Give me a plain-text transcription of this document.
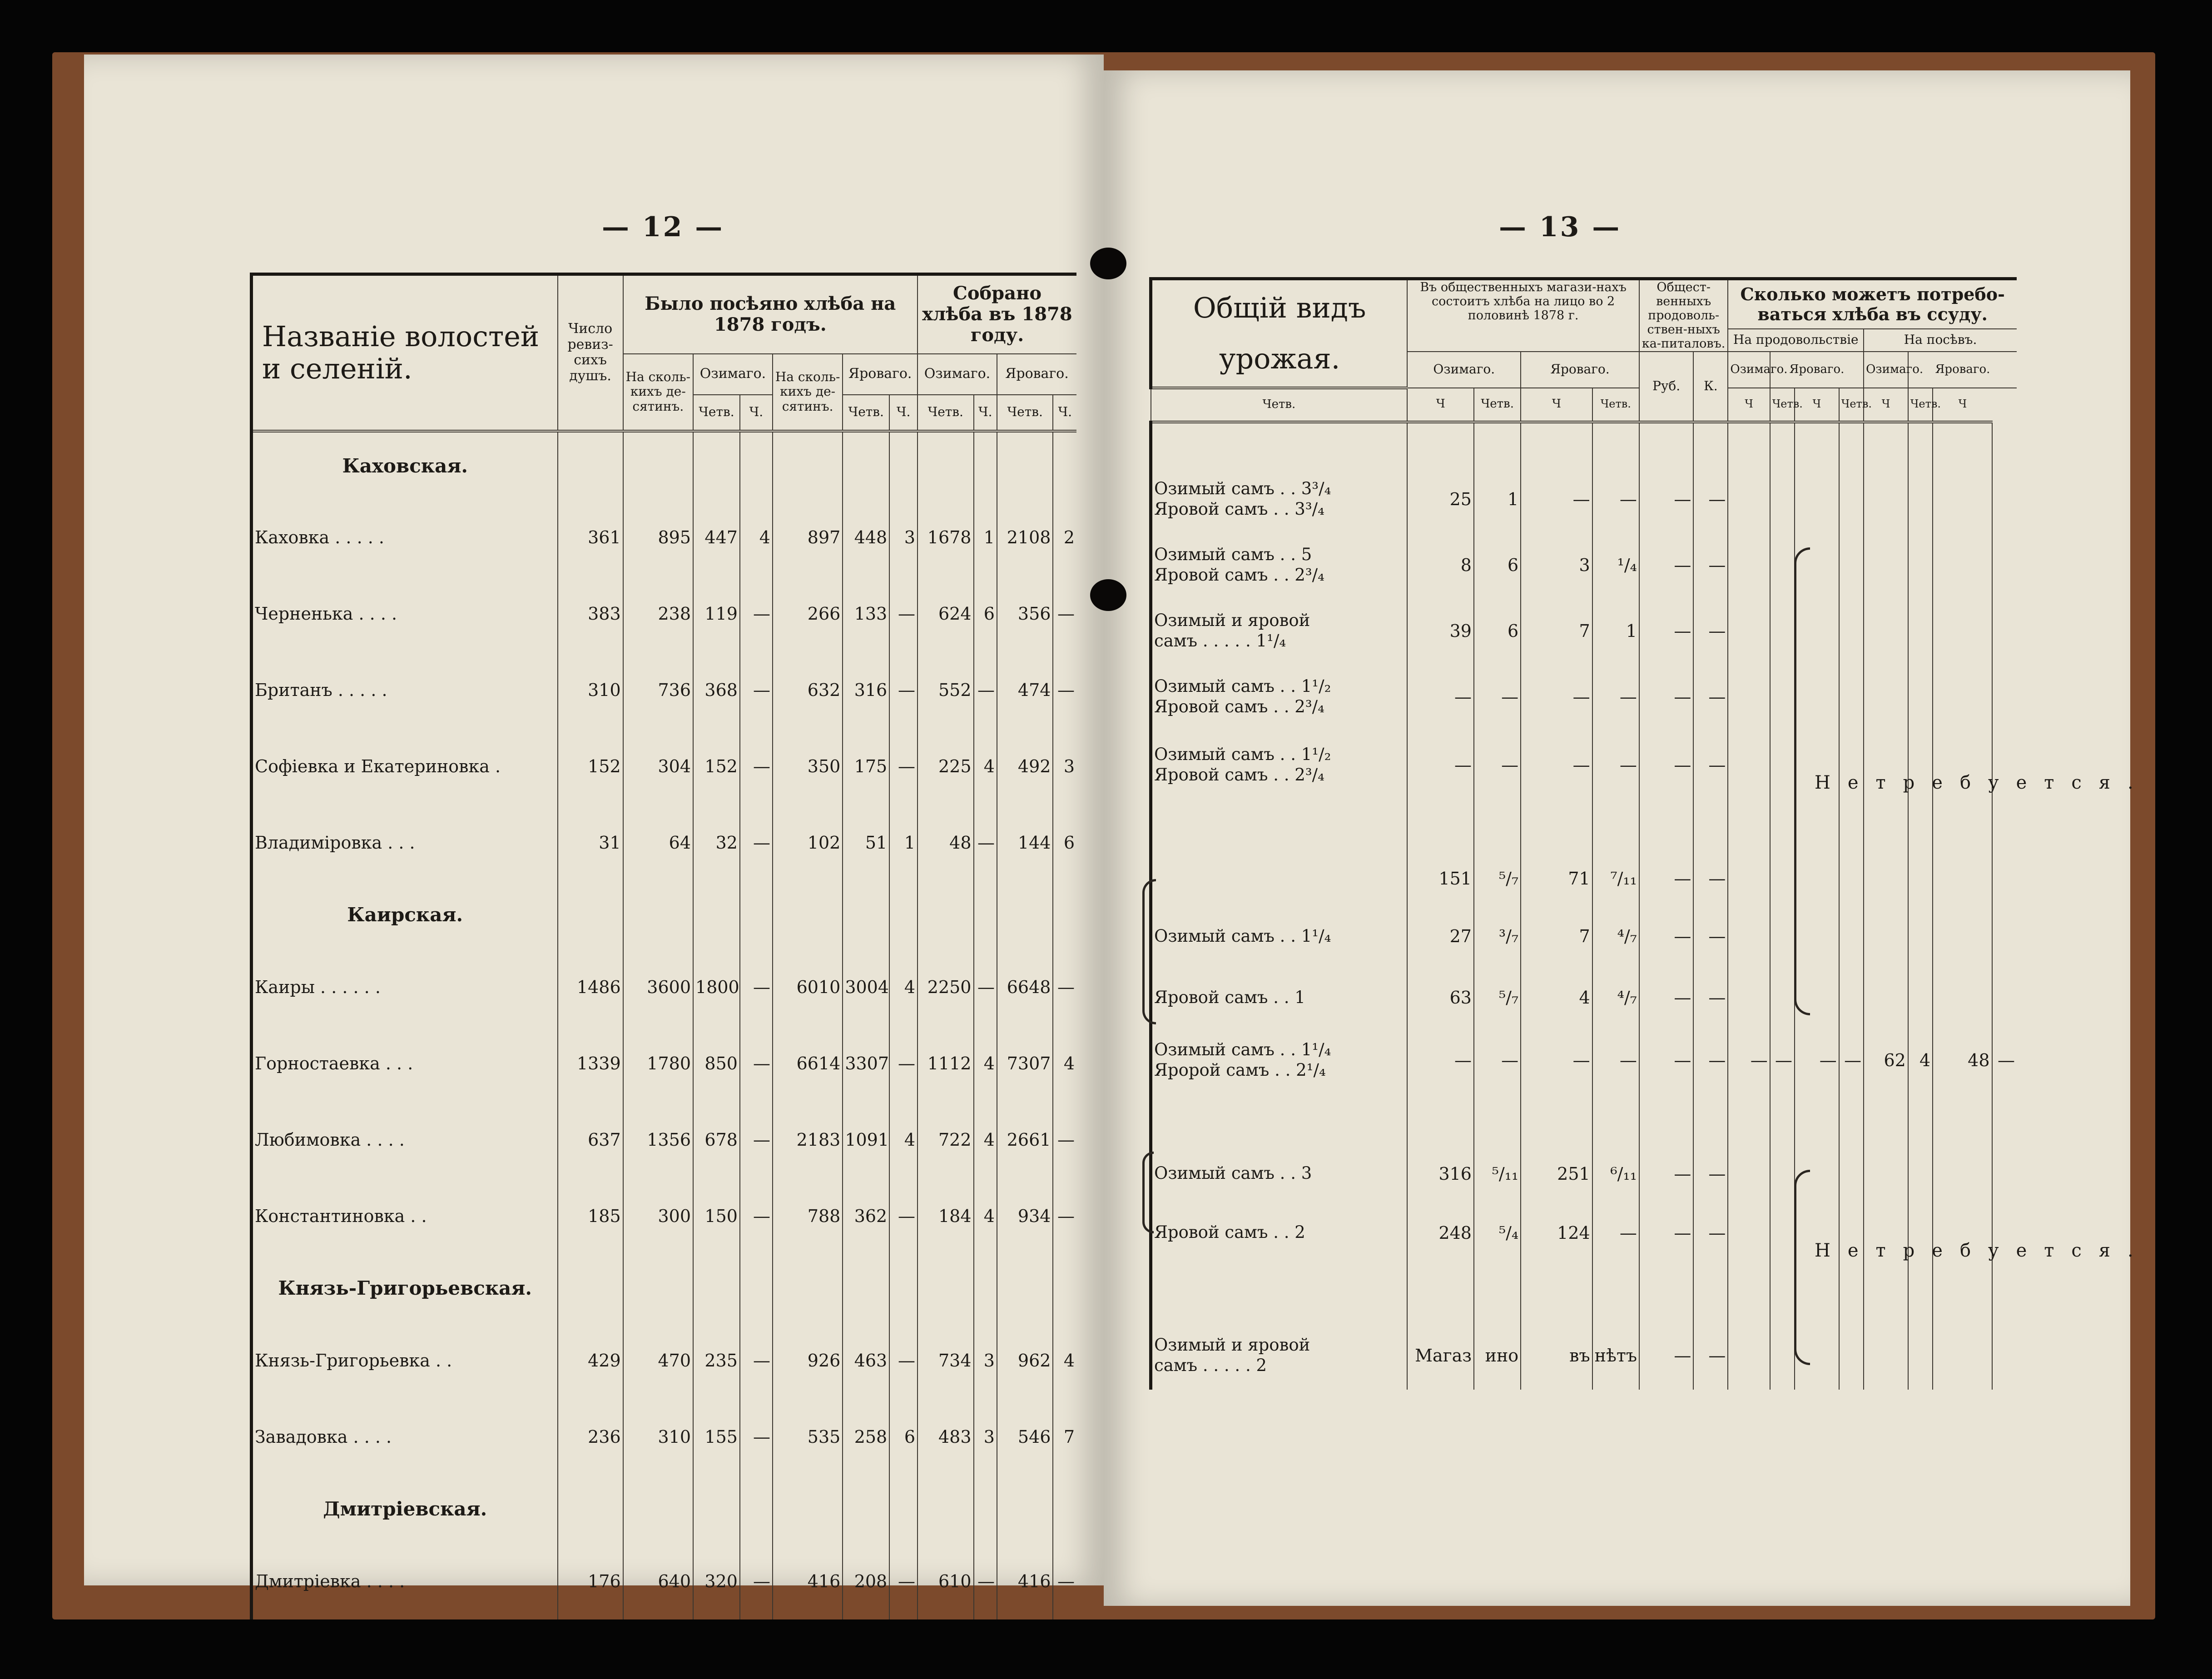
— 12 —
Названіе волостей и селеній.	Число ревиз-сихъ душъ.	Было посѣяно хлѣба на 1878 годъ.						Собрано хлѣба въ 1878 году.			
		На сколь-кихъ де-сятинъ.	Озимаго.		На сколь-кихъ де-сятинъ.	Яроваго.		Озимаго.		Яроваго.	
			Четв.	Ч.		Четв.	Ч.	Четв.	Ч.	Четв.	Ч.
Каховская.											
Каховка . . . . .	361	895	447	4	897	448	3	1678	1	2108	2
Черненька . . . .	383	238	119	—	266	133	—	624	6	356	—
Британъ . . . . .	310	736	368	—	632	316	—	552	—	474	—
Софіевка и Екатериновка .	152	304	152	—	350	175	—	225	4	492	3
Владиміровка . . .	31	64	32	—	102	51	1	48	—	144	6
Каирская.											
Каиры . . . . . .	1486	3600	1800	—	6010	3004	4	2250	—	6648	—
Горностаевка . . .	1339	1780	850	—	6614	3307	—	1112	4	7307	4
Любимовка . . . .	637	1356	678	—	2183	1091	4	722	4	2661	—
Константиновка . .	185	300	150	—	788	362	—	184	4	934	—
Князь-Григорьевская.											
Князь-Григорьевка . .	429	470	235	—	926	463	—	734	3	962	4
Завадовка . . . .	236	310	155	—	535	258	6	483	3	546	7
Дмитріевская.											
Дмитріевка . . . .	176	640	320	—	416	208	—	610	—	416	—
— 13 —
Общій видъ урожая.	Въ общественныхъ магази-нахъ состоитъ хлѣба на лицо во 2 половинѣ 1878 г.				Общест-венныхъ продоволь-ствен-ныхъ ка-питаловъ.		Сколько можетъ потребо-ваться хлѣба въ ссуду.							
							На продовольствіе				На посѣвъ.			
	Озимаго.		Яроваго.		Руб.	К.	Озимаго.	Яроваго.			Озимаго.	Яроваго.		
Четв.	Ч	Четв.	Ч	Четв.			Ч	Четв.	Ч	Четв.	Ч	Четв.	Ч	

Озимый самъ . . 3³/₄
Яровой самъ . . 3³/₄	25	1	—	—	—	—								
Озимый самъ . . 5
Яровой самъ . . 2³/₄	8	6	3	¹/₄	—	—								
Озимый и яровой
самъ . . . . . 1¹/₄	39	6	7	1	—	—								
Озимый самъ . . 1¹/₂
Яровой самъ . . 2³/₄	—	—	—	—	—	—								
Озимый самъ . . 1¹/₂
Яровой самъ . . 2³/₄	—	—	—	—	—	—								

	151	⁵/₇	71	⁷/₁₁	—	—								
Озимый самъ . . 1¹/₄	27	³/₇	7	⁴/₇	—	—								
Яровой самъ . . 1	63	⁵/₇	4	⁴/₇	—	—								
Озимый самъ . . 1¹/₄
Яророй самъ . . 2¹/₄	—	—	—	—	—	—	—	—	—	—	62	4	48	—

Озимый самъ . . 3	316	⁵/₁₁	251	⁶/₁₁	—	—								
Яровой самъ . . 2	248	⁵/₄	124	—	—	—								

Озимый и яровой
самъ . . . . . 2	Магаз	ино	въ	нѣтъ	—	—								
Нетребуется.
Нетребуется.
